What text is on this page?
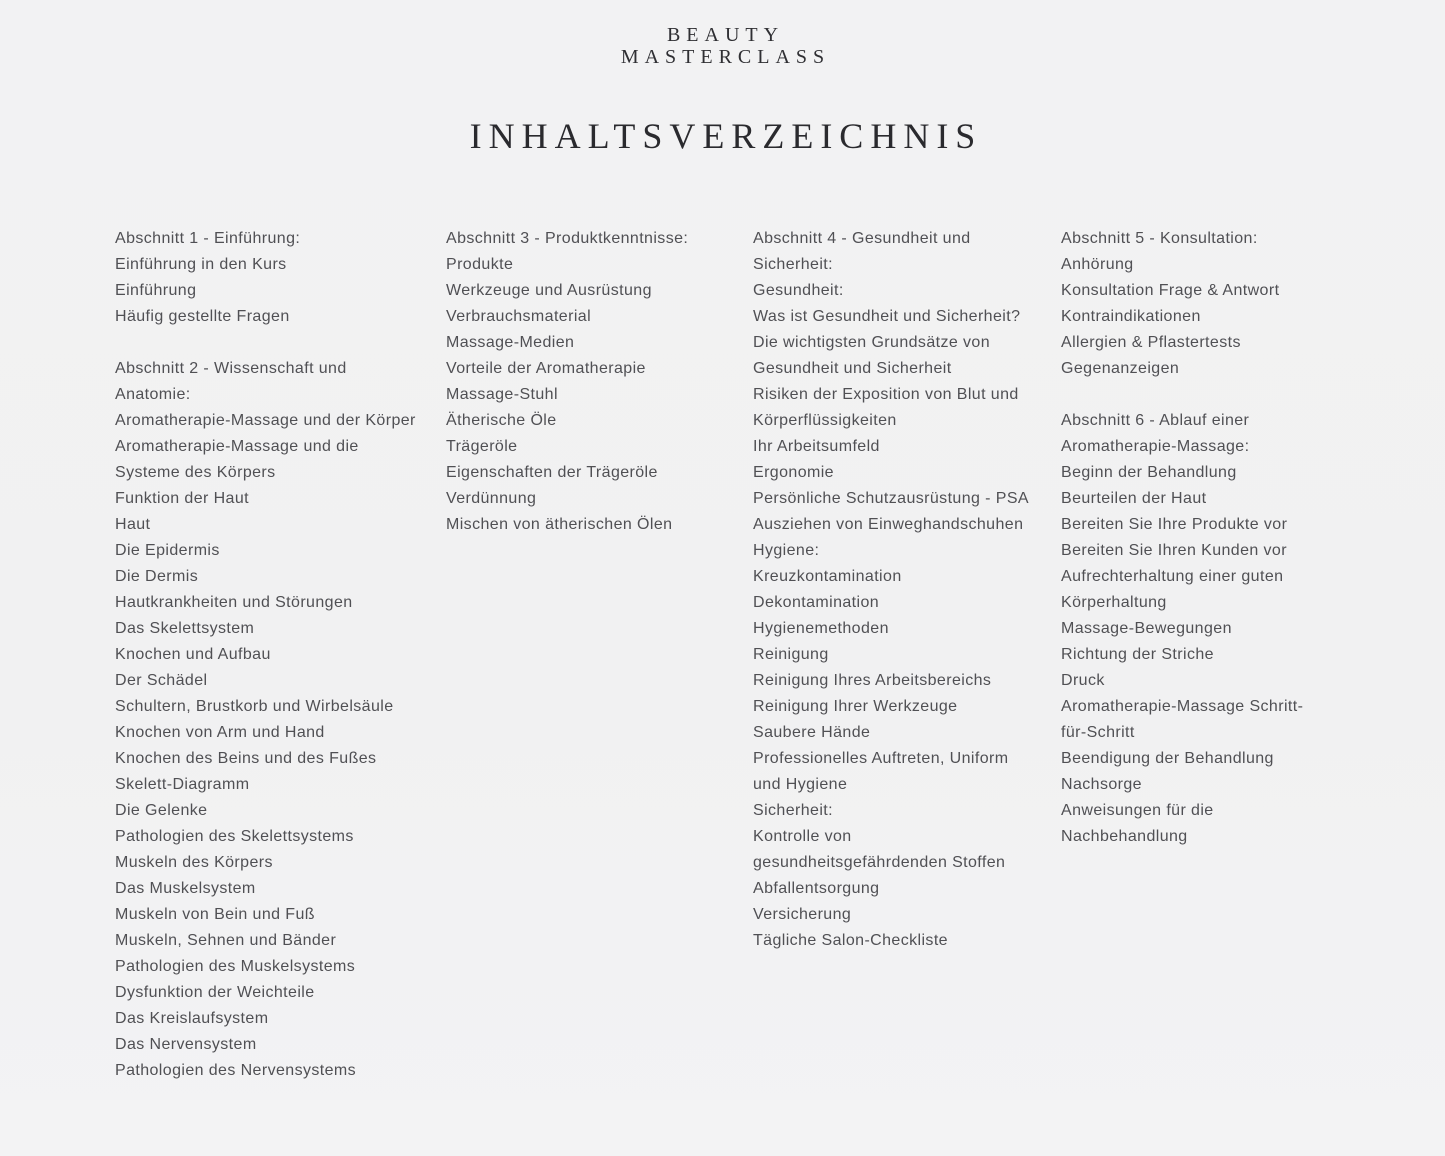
BEAUTY
MASTERCLASS
INHALTSVERZEICHNIS
Abschnitt 1 - Einführung:
Einführung in den Kurs
Einführung
Häufig gestellte Fragen
Abschnitt 2 - Wissenschaft und
Anatomie:
Aromatherapie-Massage und der Körper
Aromatherapie-Massage und die
Systeme des Körpers
Funktion der Haut
Haut
Die Epidermis
Die Dermis
Hautkrankheiten und Störungen
Das Skelettsystem
Knochen und Aufbau
Der Schädel
Schultern, Brustkorb und Wirbelsäule
Knochen von Arm und Hand
Knochen des Beins und des Fußes
Skelett-Diagramm
Die Gelenke
Pathologien des Skelettsystems
Muskeln des Körpers
Das Muskelsystem
Muskeln von Bein und Fuß
Muskeln, Sehnen und Bänder
Pathologien des Muskelsystems
Dysfunktion der Weichteile
Das Kreislaufsystem
Das Nervensystem
Pathologien des Nervensystems
Abschnitt 3 - Produktkenntnisse:
Produkte
Werkzeuge und Ausrüstung
Verbrauchsmaterial
Massage-Medien
Vorteile der Aromatherapie
Massage-Stuhl
Ätherische Öle
Trägeröle
Eigenschaften der Trägeröle
Verdünnung
Mischen von ätherischen Ölen
Abschnitt 4 - Gesundheit und
Sicherheit:
Gesundheit:
Was ist Gesundheit und Sicherheit?
Die wichtigsten Grundsätze von
Gesundheit und Sicherheit
Risiken der Exposition von Blut und
Körperflüssigkeiten
Ihr Arbeitsumfeld
Ergonomie
Persönliche Schutzausrüstung - PSA
Ausziehen von Einweghandschuhen
Hygiene:
Kreuzkontamination
Dekontamination
Hygienemethoden
Reinigung
Reinigung Ihres Arbeitsbereichs
Reinigung Ihrer Werkzeuge
Saubere Hände
Professionelles Auftreten, Uniform
und Hygiene
Sicherheit:
Kontrolle von
gesundheitsgefährdenden Stoffen
Abfallentsorgung
Versicherung
Tägliche Salon-Checkliste
Abschnitt 5 - Konsultation:
Anhörung
Konsultation Frage & Antwort
Kontraindikationen
Allergien & Pflastertests
Gegenanzeigen
Abschnitt 6 - Ablauf einer
Aromatherapie-Massage:
Beginn der Behandlung
Beurteilen der Haut
Bereiten Sie Ihre Produkte vor
Bereiten Sie Ihren Kunden vor
Aufrechterhaltung einer guten
Körperhaltung
Massage-Bewegungen
Richtung der Striche
Druck
Aromatherapie-Massage Schritt-
für-Schritt
Beendigung der Behandlung
Nachsorge
Anweisungen für die
Nachbehandlung
